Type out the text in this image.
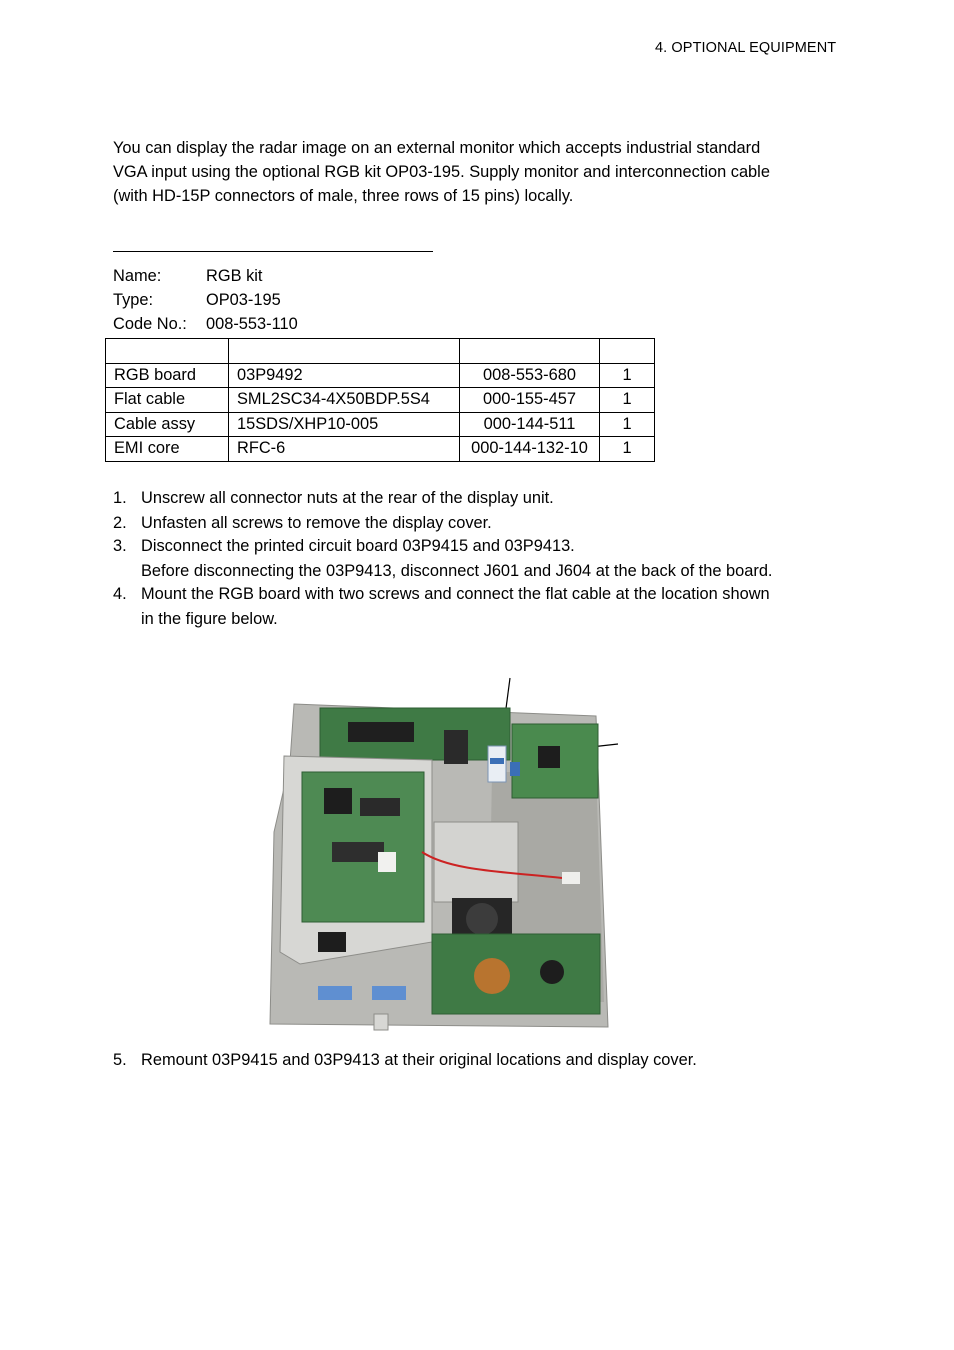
4. OPTIONAL EQUIPMENT
You can display the radar image on an external monitor which accepts industrial standard
VGA input using the optional RGB kit OP03-195. Supply monitor and interconnection cable
(with HD-15P connectors of male, three rows of 15 pins) locally.
Name:	RGB kit
Type:	OP03-195
Code No.: 008-553-110

RGB board	03P9492	008-553-680	1
Flat cable	SML2SC34-4X50BDP.5S4	000-155-457	1
Cable assy	15SDS/XHP10-005	000-144-511	1
EMI core	RFC-6	000-144-132-10	1
1. Unscrew all connector nuts at the rear of the display unit.
2. Unfasten all screws to remove the display cover.
3. Disconnect the printed circuit board 03P9415 and 03P9413.
Before disconnecting the 03P9413, disconnect J601 and J604 at the back of the board.
4. Mount the RGB board with two screws and connect the flat cable at the location shown
in the figure below.
5. Remount 03P9415 and 03P9413 at their original locations and display cover.
